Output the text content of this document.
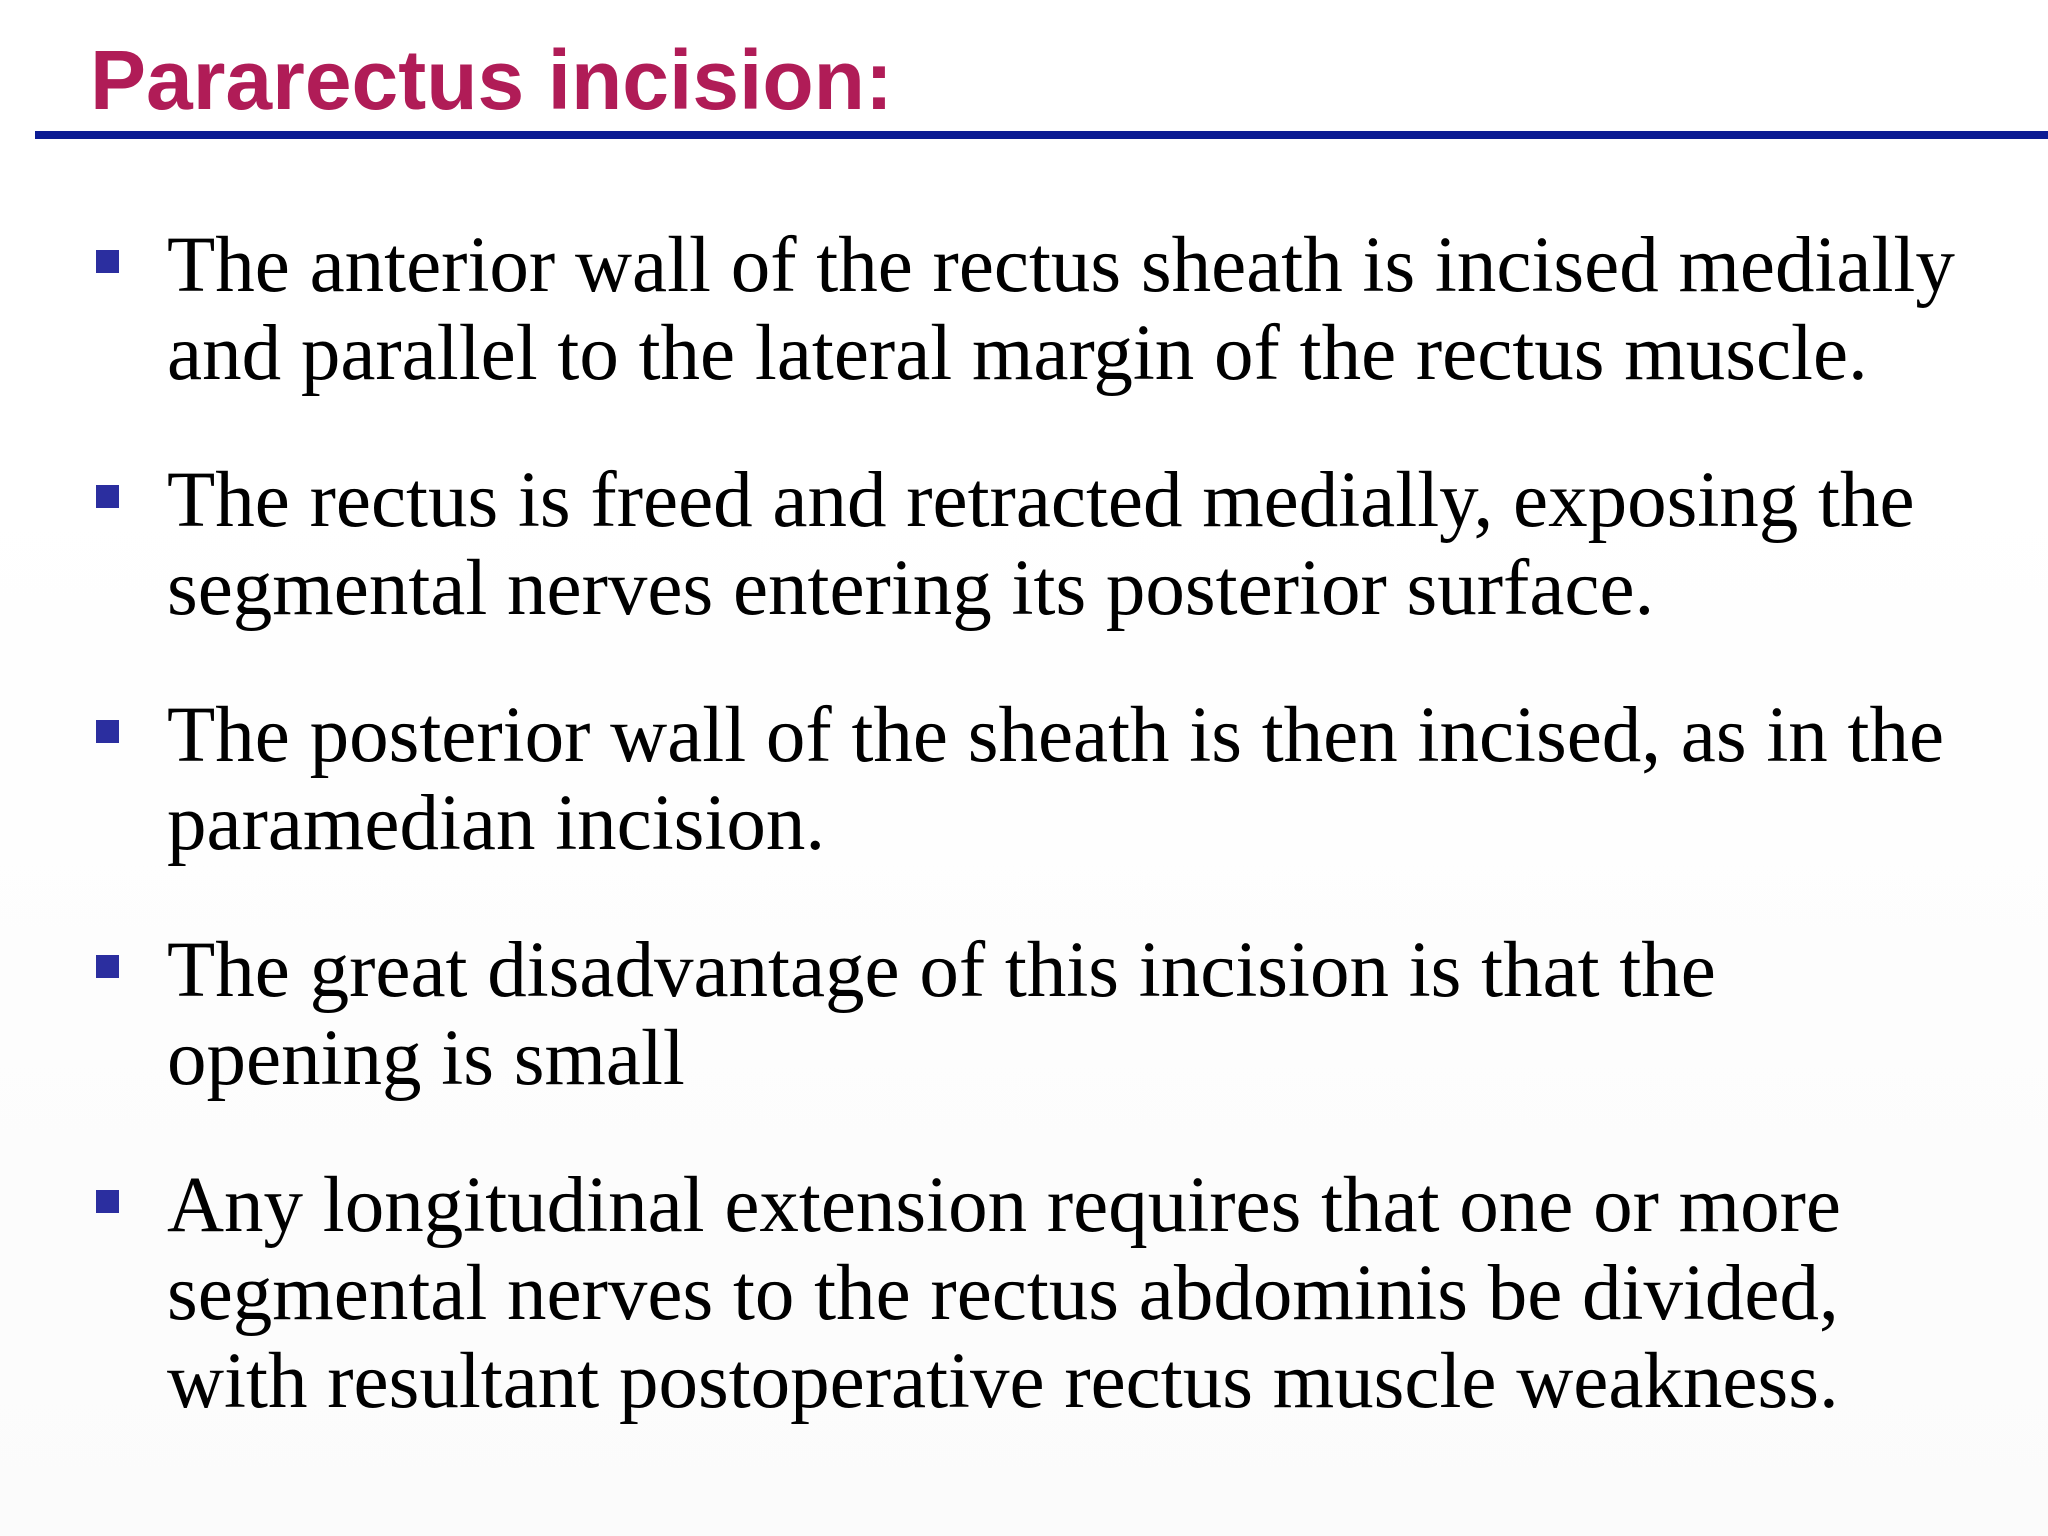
Pararectus incision:

The anterior wall of the rectus sheath is incised medially
and parallel to the lateral margin of the rectus muscle.

The rectus is freed and retracted medially, exposing the
segmental nerves entering its posterior surface.

The posterior wall of the sheath is then incised, as in the
paramedian incision.

The great disadvantage of this incision is that the
opening is small

Any longitudinal extension requires that one or more
segmental nerves to the rectus abdominis be divided,
with resultant postoperative rectus muscle weakness.
